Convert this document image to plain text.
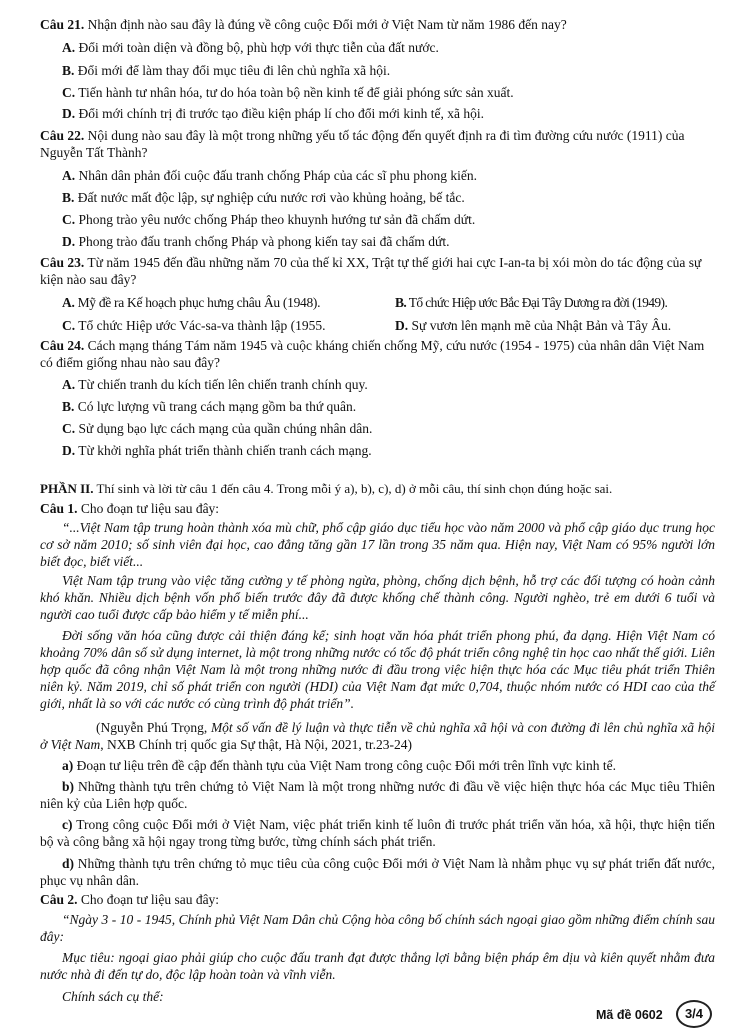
Câu 21. Nhận định nào sau đây là đúng về công cuộc Đổi mới ở Việt Nam từ năm 1986 đến nay?
A. Đổi mới toàn diện và đồng bộ, phù hợp với thực tiễn của đất nước.
B. Đổi mới để làm thay đổi mục tiêu đi lên chủ nghĩa xã hội.
C. Tiến hành tư nhân hóa, tư do hóa toàn bộ nền kinh tế để giải phóng sức sản xuất.
D. Đổi mới chính trị đi trước tạo điều kiện pháp lí cho đổi mới kinh tế, xã hội.
Câu 22. Nội dung nào sau đây là một trong những yếu tố tác động đến quyết định ra đi tìm đường cứu nước (1911) của Nguyễn Tất Thành?
A. Nhân dân phản đối cuộc đấu tranh chống Pháp của các sĩ phu phong kiến.
B. Đất nước mất độc lập, sự nghiệp cứu nước rơi vào khủng hoảng, bế tắc.
C. Phong trào yêu nước chống Pháp theo khuynh hướng tư sản đã chấm dứt.
D. Phong trào đấu tranh chống Pháp và phong kiến tay sai đã chấm dứt.
Câu 23. Từ năm 1945 đến đầu những năm 70 của thế kỉ XX, Trật tự thế giới hai cực I-an-ta bị xói mòn do tác động của sự kiện nào sau đây?
A. Mỹ đề ra Kế hoạch phục hưng châu Âu (1948).	B. Tổ chức Hiệp ước Bắc Đại Tây Dương ra đời (1949).
C. Tổ chức Hiệp ước Vác-sa-va thành lập (1955.	D. Sự vươn lên mạnh mẽ của Nhật Bản và Tây Âu.
Câu 24. Cách mạng tháng Tám năm 1945 và cuộc kháng chiến chống Mỹ, cứu nước (1954 - 1975) của nhân dân Việt Nam có điểm giống nhau nào sau đây?
A. Từ chiến tranh du kích tiến lên chiến tranh chính quy.
B. Có lực lượng vũ trang cách mạng gồm ba thứ quân.
C. Sử dụng bạo lực cách mạng của quần chúng nhân dân.
D. Từ khởi nghĩa phát triển thành chiến tranh cách mạng.
PHẦN II. Thí sinh và lời từ câu 1 đến câu 4. Trong mỗi ý a), b), c), d) ở mỗi câu, thí sinh chọn đúng hoặc sai.
Câu 1. Cho đoạn tư liệu sau đây:
“...Việt Nam tập trung hoàn thành xóa mù chữ, phổ cập giáo dục tiểu học vào năm 2000 và phổ cập giáo dục trung học cơ sở năm 2010; số sinh viên đại học, cao đẳng tăng gần 17 lần trong 35 năm qua. Hiện nay, Việt Nam có 95% người lớn biết đọc, biết viết...
Việt Nam tập trung vào việc tăng cường y tế phòng ngừa, phòng, chống dịch bệnh, hỗ trợ các đối tượng có hoàn cảnh khó khăn. Nhiều dịch bệnh vốn phổ biến trước đây đã được khống chế thành công. Người nghèo, trẻ em dưới 6 tuổi và người cao tuổi được cấp bảo hiểm y tế miễn phí...
Đời sống văn hóa cũng được cải thiện đáng kể; sinh hoạt văn hóa phát triển phong phú, đa dạng. Hiện Việt Nam có khoảng 70% dân số sử dụng internet, là một trong những nước có tốc độ phát triển công nghệ tin học cao nhất thế giới. Liên hợp quốc đã công nhận Việt Nam là một trong những nước đi đầu trong việc hiện thực hóa các Mục tiêu phát triển Thiên niên kỷ. Năm 2019, chỉ số phát triển con người (HDI) của Việt Nam đạt mức 0,704, thuộc nhóm nước có HDI cao của thế giới, nhất là so với các nước có cùng trình độ phát triển”.
(Nguyễn Phú Trọng, Một số vấn đề lý luận và thực tiễn về chủ nghĩa xã hội và con đường đi lên chủ nghĩa xã hội ở Việt Nam, NXB Chính trị quốc gia Sự thật, Hà Nội, 2021, tr.23-24)
a) Đoạn tư liệu trên đề cập đến thành tựu của Việt Nam trong công cuộc Đổi mới trên lĩnh vực kinh tế.
b) Những thành tựu trên chứng tỏ Việt Nam là một trong những nước đi đầu về việc hiện thực hóa các Mục tiêu Thiên niên kỷ của Liên hợp quốc.
c) Trong công cuộc Đổi mới ở Việt Nam, việc phát triển kinh tế luôn đi trước phát triển văn hóa, xã hội, thực hiện tiến bộ và công bằng xã hội ngay trong từng bước, từng chính sách phát triển.
d) Những thành tựu trên chứng tỏ mục tiêu của công cuộc Đổi mới ở Việt Nam là nhằm phục vụ sự phát triển đất nước, phục vụ nhân dân.
Câu 2. Cho đoạn tư liệu sau đây:
“Ngày 3 - 10 - 1945, Chính phủ Việt Nam Dân chủ Cộng hòa công bố chính sách ngoại giao gồm những điểm chính sau đây:
Mục tiêu: ngoại giao phải giúp cho cuộc đấu tranh đạt được thắng lợi bằng biện pháp êm dịu và kiên quyết nhằm đưa nước nhà đi đến tự do, độc lập hoàn toàn và vĩnh viễn.
Chính sách cụ thể:
Mã đề 0602	3/4
